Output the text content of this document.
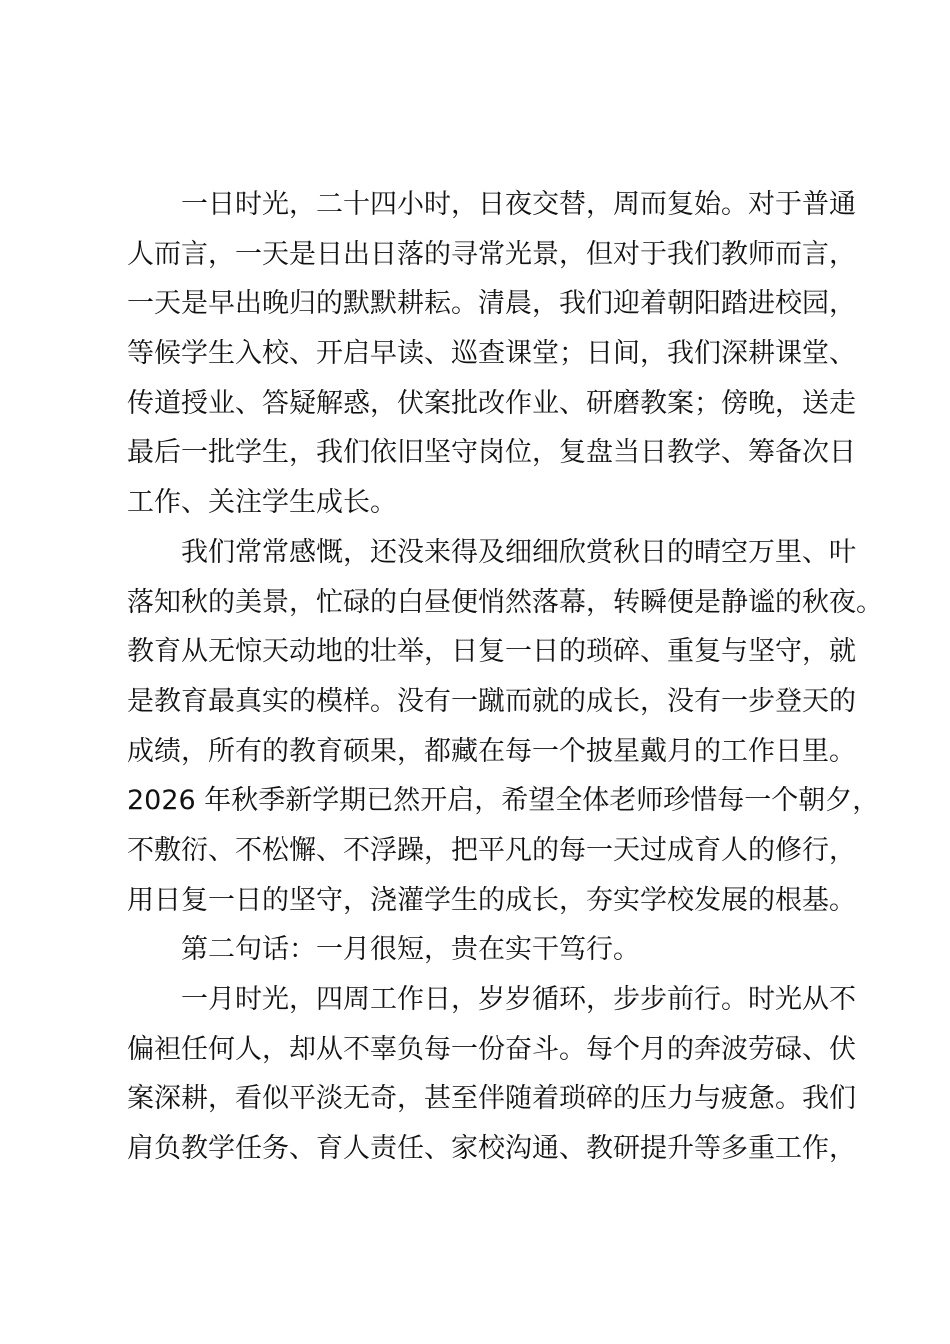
一日时光，二十四小时，日夜交替，周而复始。对于普通
人而言，一天是日出日落的寻常光景，但对于我们教师而言，
一天是早出晚归的默默耕耘。清晨，我们迎着朝阳踏进校园，
等候学生入校、开启早读、巡查课堂；日间，我们深耕课堂、
传道授业、答疑解惑，伏案批改作业、研磨教案；傍晚，送走
最后一批学生，我们依旧坚守岗位，复盘当日教学、筹备次日
工作、关注学生成长。
我们常常感慨，还没来得及细细欣赏秋日的晴空万里、叶
落知秋的美景，忙碌的白昼便悄然落幕，转瞬便是静谧的秋夜。
教育从无惊天动地的壮举，日复一日的琐碎、重复与坚守，就
是教育最真实的模样。没有一蹴而就的成长，没有一步登天的
成绩，所有的教育硕果，都藏在每一个披星戴月的工作日里。
2026 年秋季新学期已然开启，希望全体老师珍惜每一个朝夕，
不敷衍、不松懈、不浮躁，把平凡的每一天过成育人的修行，
用日复一日的坚守，浇灌学生的成长，夯实学校发展的根基。
第二句话：一月很短，贵在实干笃行。
一月时光，四周工作日，岁岁循环，步步前行。时光从不
偏袒任何人，却从不辜负每一份奋斗。每个月的奔波劳碌、伏
案深耕，看似平淡无奇，甚至伴随着琐碎的压力与疲惫。我们
肩负教学任务、育人责任、家校沟通、教研提升等多重工作，
